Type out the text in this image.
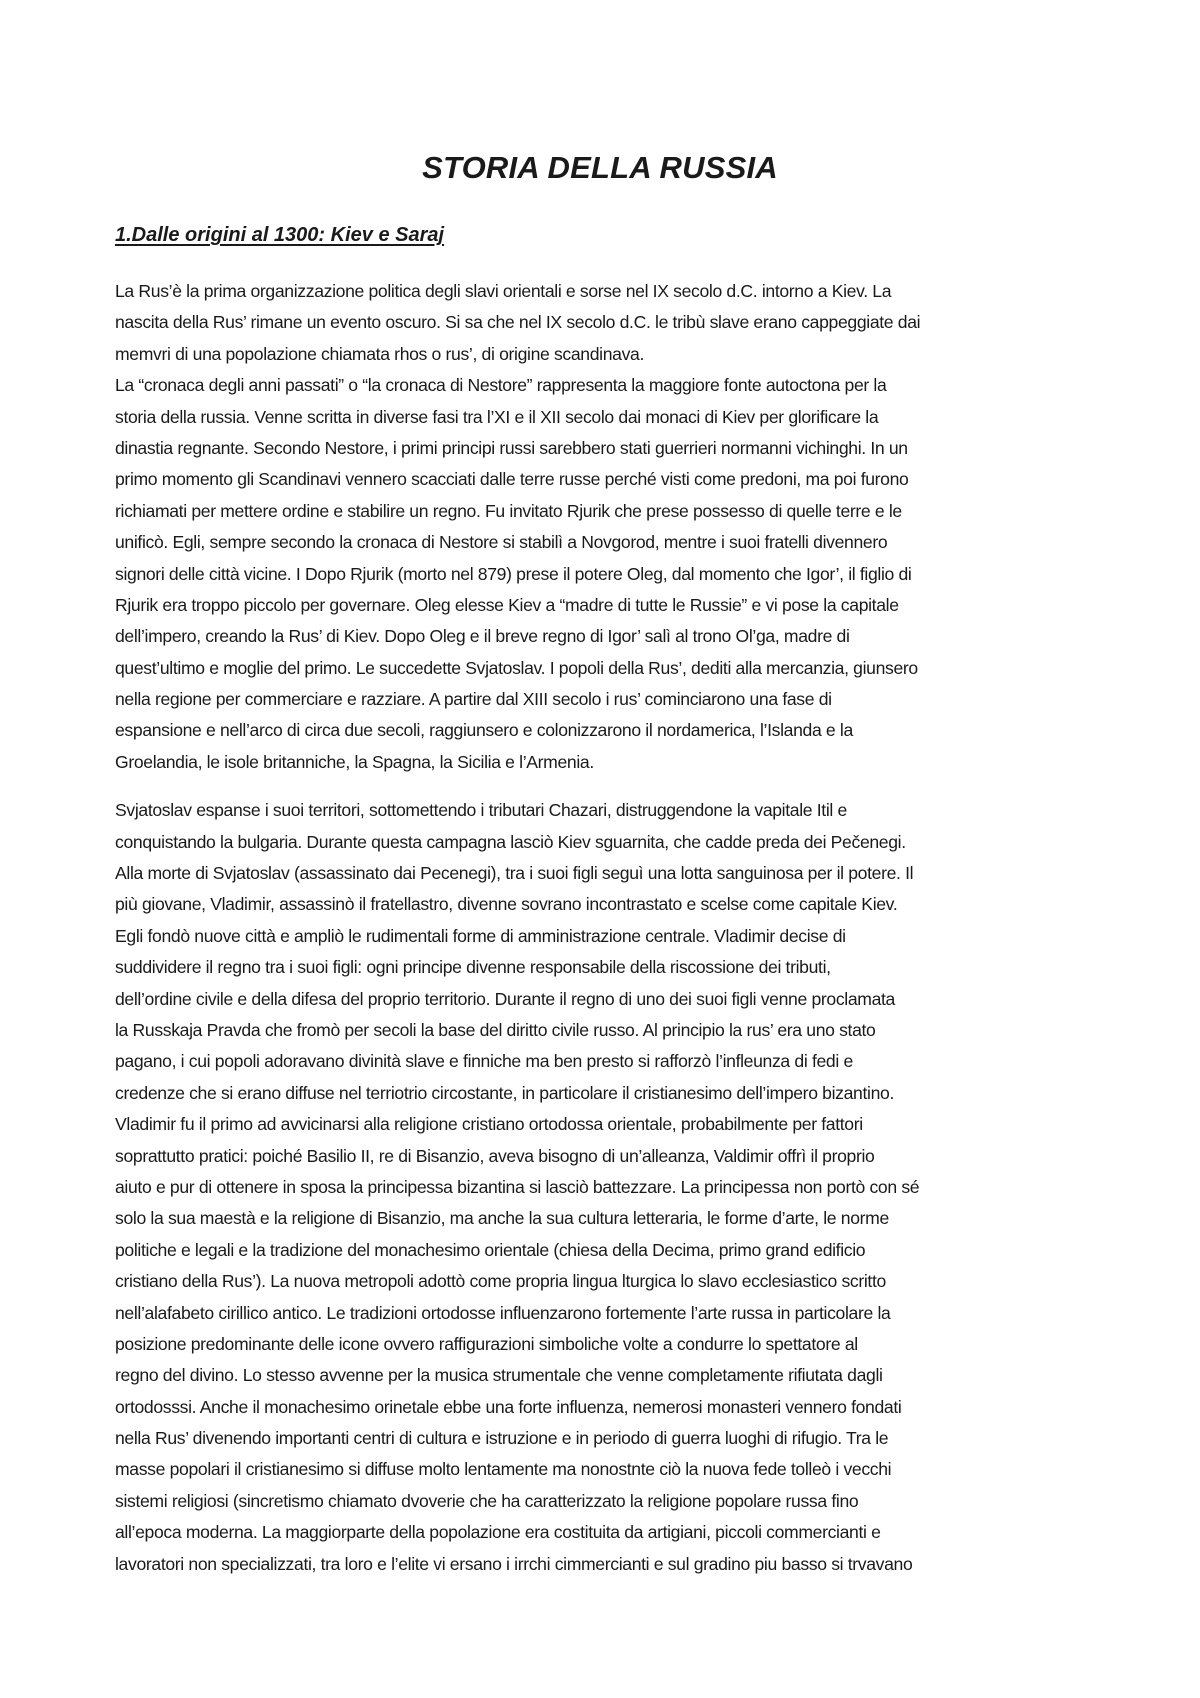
STORIA DELLA RUSSIA
1.Dalle origini al 1300: Kiev e Saraj
La Rus’è la prima organizzazione politica degli slavi orientali e sorse nel IX secolo d.C. intorno a Kiev. La
nascita della Rus’ rimane un evento oscuro. Si sa che nel IX secolo d.C. le tribù slave erano cappeggiate dai
memvri di una popolazione chiamata rhos o rus’, di origine scandinava.
La “cronaca degli anni passati” o “la cronaca di Nestore” rappresenta la maggiore fonte autoctona per la
storia della russia. Venne scritta in diverse fasi tra l’XI e il XII secolo dai monaci di Kiev per glorificare la
dinastia regnante. Secondo Nestore, i primi principi russi sarebbero stati guerrieri normanni vichinghi. In un
primo momento gli Scandinavi vennero scacciati dalle terre russe perché visti come predoni, ma poi furono
richiamati per mettere ordine e stabilire un regno. Fu invitato Rjurik che prese possesso di quelle terre e le
unificò. Egli, sempre secondo la cronaca di Nestore si stabilì a Novgorod, mentre i suoi fratelli divennero
signori delle città vicine. I Dopo Rjurik (morto nel 879) prese il potere Oleg, dal momento che Igor’, il figlio di
Rjurik era troppo piccolo per governare. Oleg elesse Kiev a “madre di tutte le Russie” e vi pose la capitale
dell’impero, creando la Rus’ di Kiev. Dopo Oleg e il breve regno di Igor’ salì al trono Ol’ga, madre di
quest’ultimo e moglie del primo. Le succedette Svjatoslav. I popoli della Rus’, dediti alla mercanzia, giunsero
nella regione per commerciare e razziare. A partire dal XIII secolo i rus’ cominciarono una fase di
espansione e nell’arco di circa due secoli, raggiunsero e colonizzarono il nordamerica, l’Islanda e la
Groelandia, le isole britanniche, la Spagna, la Sicilia e l’Armenia.
Svjatoslav espanse i suoi territori, sottomettendo i tributari Chazari, distruggendone la vapitale Itil e
conquistando la bulgaria. Durante questa campagna lasciò Kiev sguarnita, che cadde preda dei Pečenegi.
Alla morte di Svjatoslav (assassinato dai Pecenegi), tra i suoi figli seguì una lotta sanguinosa per il potere. Il
più giovane, Vladimir, assassinò il fratellastro, divenne sovrano incontrastato e scelse come capitale Kiev.
Egli fondò nuove città e ampliò le rudimentali forme di amministrazione centrale. Vladimir decise di
suddividere il regno tra i suoi figli: ogni principe divenne responsabile della riscossione dei tributi,
dell’ordine civile e della difesa del proprio territorio. Durante il regno di uno dei suoi figli venne proclamata
la Russkaja Pravda che fromò per secoli la base del diritto civile russo. Al principio la rus’ era uno stato
pagano, i cui popoli adoravano divinità slave e finniche ma ben presto si rafforzò l’infleunza di fedi e
credenze che si erano diffuse nel terriotrio circostante, in particolare il cristianesimo dell’impero bizantino.
Vladimir fu il primo ad avvicinarsi alla religione cristiano ortodossa orientale, probabilmente per fattori
soprattutto pratici: poiché Basilio II, re di Bisanzio, aveva bisogno di un’alleanza, Valdimir offrì il proprio
aiuto e pur di ottenere in sposa la principessa bizantina si lasciò battezzare. La principessa non portò con sé
solo la sua maestà e la religione di Bisanzio, ma anche la sua cultura letteraria, le forme d’arte, le norme
politiche e legali e la tradizione del monachesimo orientale (chiesa della Decima, primo grand edificio
cristiano della Rus’). La nuova metropoli adottò come propria lingua lturgica lo slavo ecclesiastico scritto
nell’alafabeto cirillico antico. Le tradizioni ortodosse influenzarono fortemente l’arte russa in particolare la
posizione predominante delle icone ovvero raffigurazioni simboliche volte a condurre lo spettatore al
regno del divino. Lo stesso avvenne per la musica strumentale che venne completamente rifiutata dagli
ortodosssi. Anche il monachesimo orinetale ebbe una forte influenza, nemerosi monasteri vennero fondati
nella Rus’ divenendo importanti centri di cultura e istruzione e in periodo di guerra luoghi di rifugio. Tra le
masse popolari il cristianesimo si diffuse molto lentamente ma nonostnte ciò la nuova fede tolleò i vecchi
sistemi religiosi (sincretismo chiamato dvoverie che ha caratterizzato la religione popolare russa fino
all’epoca moderna. La maggiorparte della popolazione era costituita da artigiani, piccoli commercianti e
lavoratori non specializzati, tra loro e l’elite vi ersano i irrchi cimmercianti e sul gradino piu basso si trvavano
